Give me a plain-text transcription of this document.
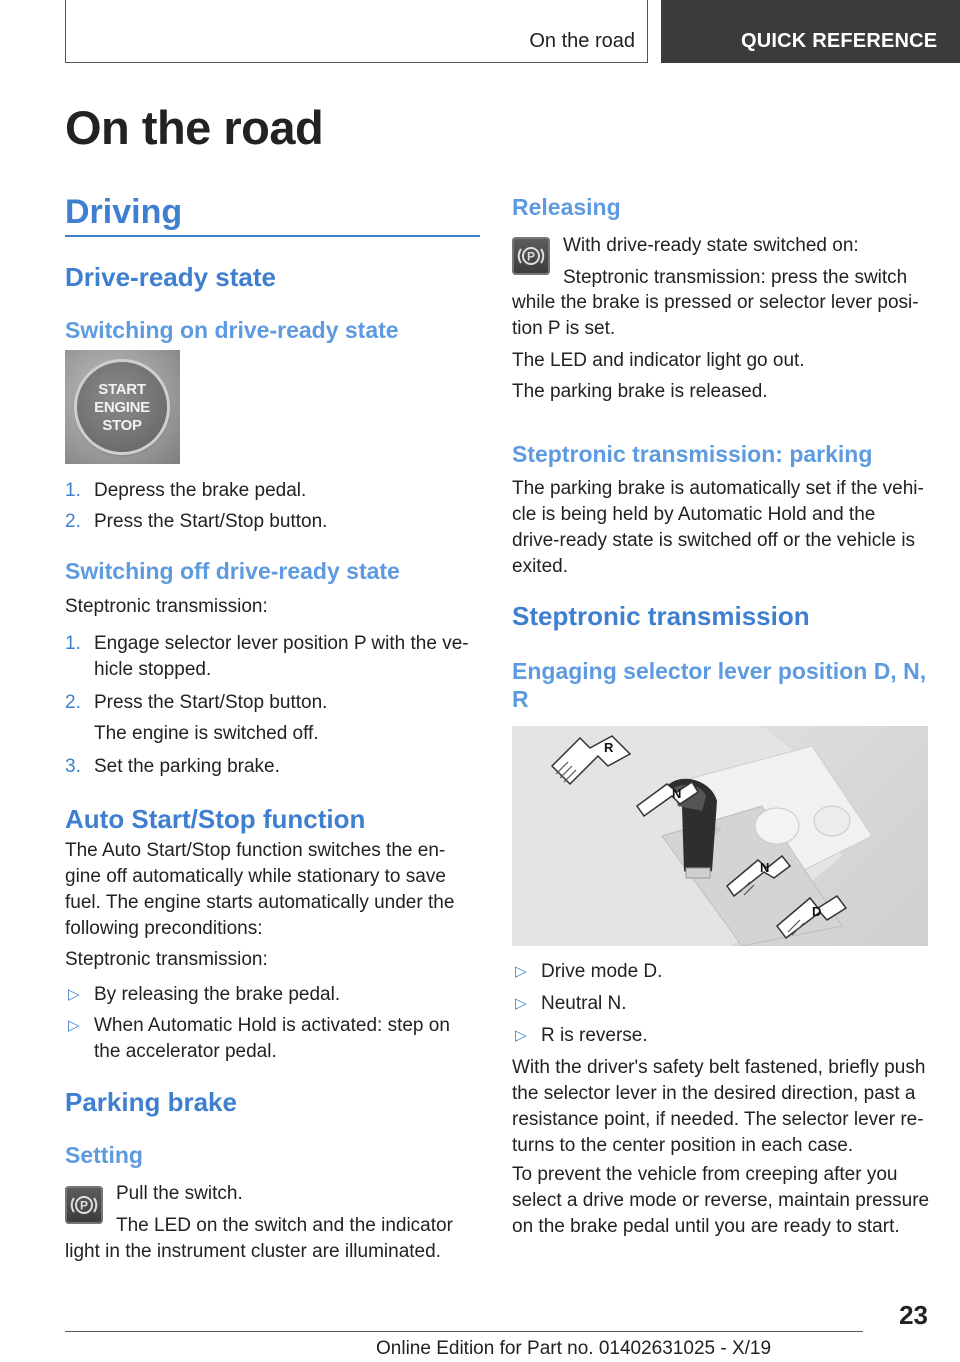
On the road	QUICK REFERENCE
On the road
Driving
Drive-ready state
Switching on drive-ready state
START
ENGINE
STOP
1. Depress the brake pedal.
2. Press the Start/Stop button.
Switching off drive-ready state

Steptronic transmission:

1. Engage selector lever position P with the ve‐ hicle stopped.
2. Press the Start/Stop button.
The engine is switched off.
3. Set the parking brake.
Auto Start/Stop function

The Auto Start/Stop function switches the en‐ gine off automatically while stationary to save fuel. The engine starts automatically under the following preconditions:

Steptronic transmission:

▷ By releasing the brake pedal.
▷ When Automatic Hold is activated: step on the accelerator pedal.
Parking brake
Setting
P

Pull the switch.

The LED on the switch and the indicator

light in the instrument cluster are illuminated.

Releasing
P

With drive-ready state switched on:

Steptronic transmission: press the switch

while the brake is pressed or selector lever posi‐ tion P is set.

The LED and indicator light go out.

The parking brake is released.

Steptronic transmission: parking

The parking brake is automatically set if the vehi‐ cle is being held by Automatic Hold and the drive-ready state is switched off or the vehicle is exited.

Steptronic transmission
Engaging selector lever position D, N, R
P
R
N
N
D
▷ Drive mode D.
▷ Neutral N.
▷ R is reverse.

With the driver's safety belt fastened, briefly push the selector lever in the desired direction, past a resistance point, if needed. The selector lever re‐ turns to the center position in each case.

To prevent the vehicle from creeping after you select a drive mode or reverse, maintain pressure on the brake pedal until you are ready to start.

23
Online Edition for Part no. 01402631025 - X/19
